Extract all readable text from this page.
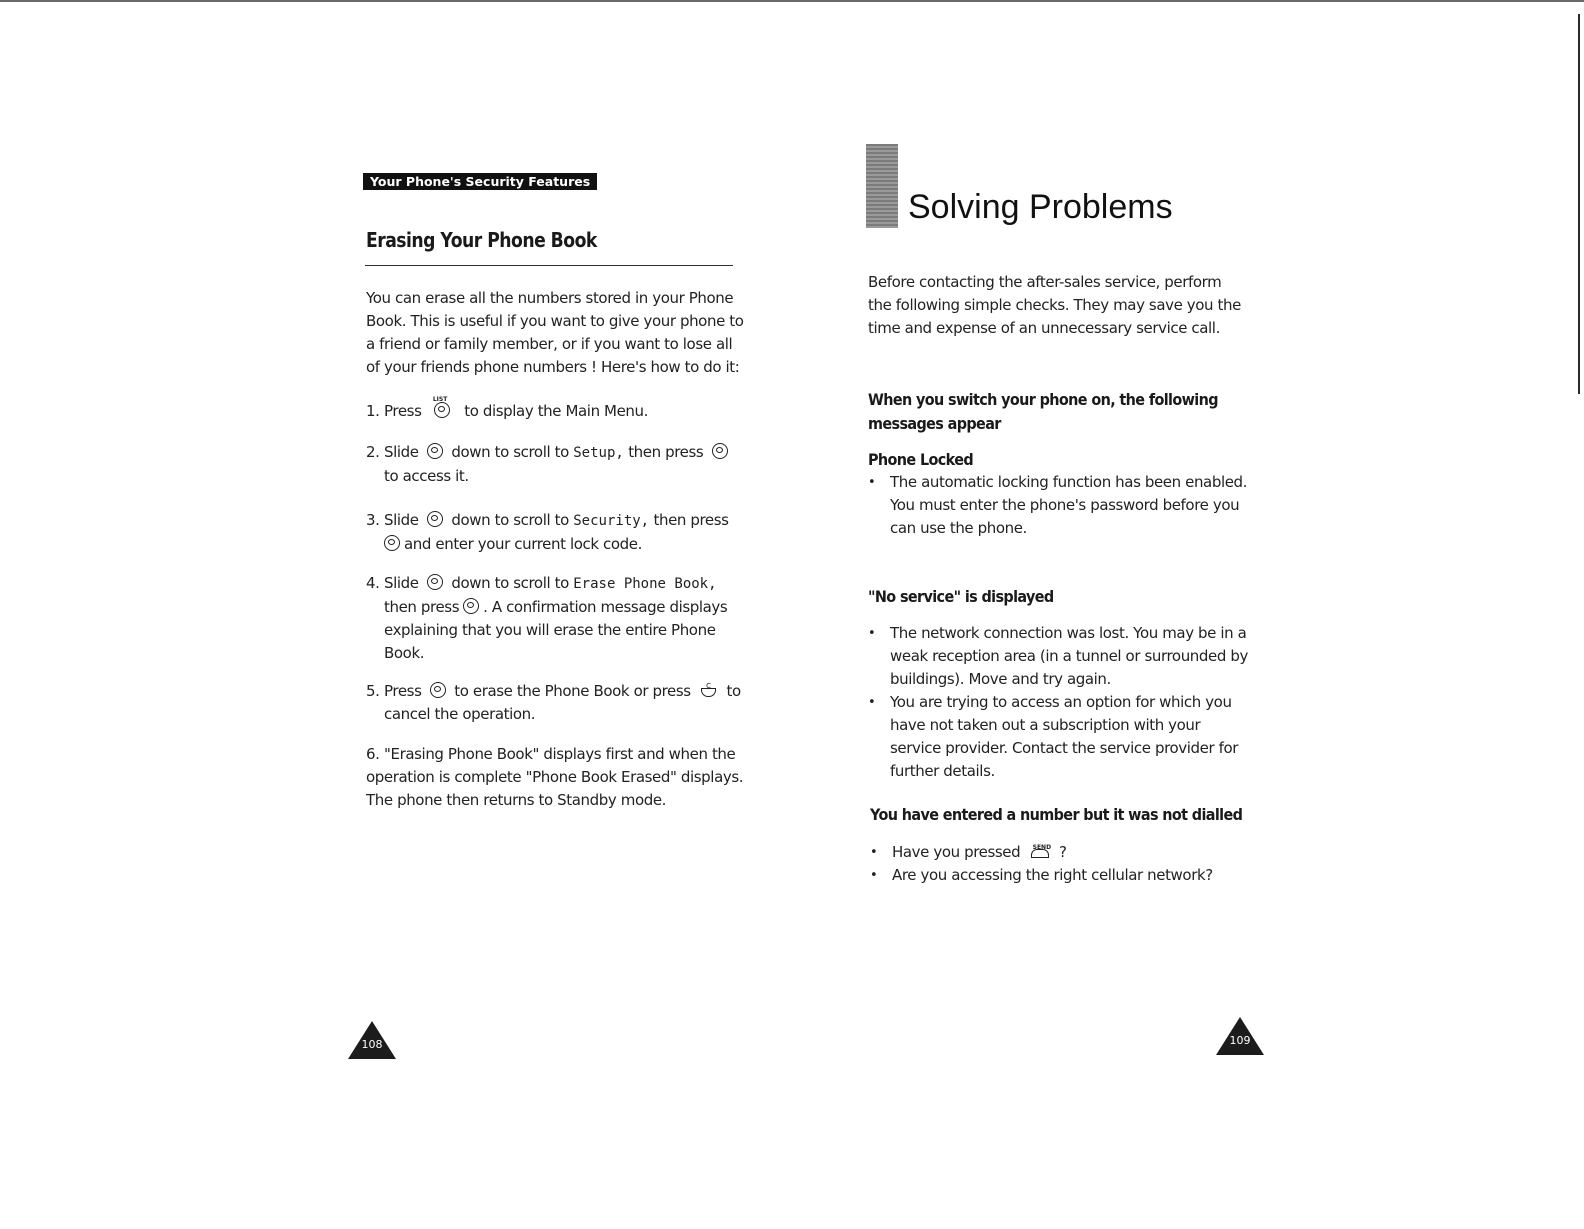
Your Phone's Security Features
Erasing Your Phone Book

You can erase all the numbers stored in your Phone Book. This is useful if you want to give your phone to a friend or family member, or if you want to lose all of your friends phone numbers ! Here's how to do it:

1. Press
LIST
to display the Main Menu.

2. Slide down to scroll to Setup, then press
to access it.

3. Slide down to scroll to Security, then press
and enter your current lock code.

4. Slide down to scroll to Erase Phone Book,
then press . A confirmation message displays explaining that you will erase the entire Phone Book.

5. Press to erase the Phone Book or press C to
cancel the operation.

6. "Erasing Phone Book" displays first and when the operation is complete "Phone Book Erased" displays. The phone then returns to Standby mode.

108
Solving Problems

Before contacting the after-sales service, perform the following simple checks. They may save you the time and expense of an unnecessary service call.

When you switch your phone on, the following messages appear
Phone Locked
• The automatic locking function has been enabled. You must enter the phone's password before you can use the phone.
"No service" is displayed
• The network connection was lost. You may be in a weak reception area (in a tunnel or surrounded by buildings). Move and try again.
• You are trying to access an option for which you have not taken out a subscription with your service provider. Contact the service provider for further details.
You have entered a number but it was not dialled
• Have you pressed SEND ?
• Are you accessing the right cellular network?
109
